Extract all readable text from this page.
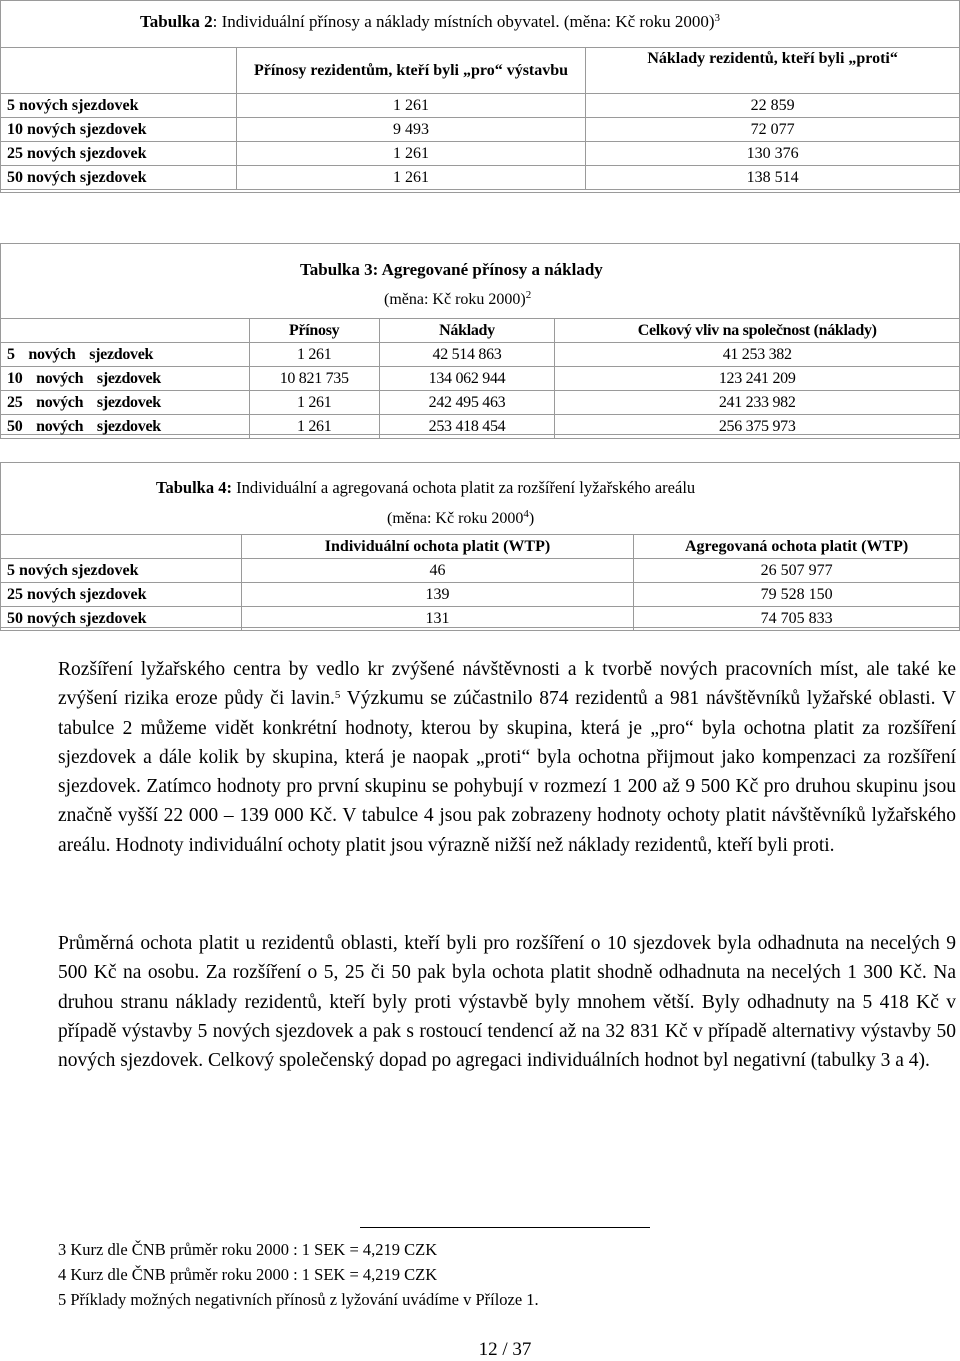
Tabulka 2: Individuální přínosy a náklady místních obyvatel. (měna: Kč roku 2000)$^3$
	Přínosy rezidentům, kteří byli „pro“ výstavbu	Náklady rezidentů, kteří byli „proti“
5 nových sjezdovek	1 261	22 859
10 nových sjezdovek	9 493	72 077
25 nových sjezdovek	1 261	130 376
50 nových sjezdovek	1 261	138 514
Tabulka 3: Agregované přínosy a náklady
(měna: Kč roku 2000)$^2$
	Přínosy	Náklady	Celkový vliv na společnost (náklady)
5 nových sjezdovek	1 261	42 514 863	41 253 382
10 nových sjezdovek	10 821 735	134 062 944	123 241 209
25 nových sjezdovek	1 261	242 495 463	241 233 982
50 nových sjezdovek	1 261	253 418 454	256 375 973
Tabulka 4: Individuální a agregovaná ochota platit za rozšíření lyžařského areálu
(měna: Kč roku 2000$^4$)
	Individuální ochota platit (WTP)	Agregovaná ochota platit (WTP)
5 nových sjezdovek	46	26 507 977
25 nových sjezdovek	139	79 528 150
50 nových sjezdovek	131	74 705 833
Rozšíření lyžařského centra by vedlo kr zvýšené návštěvnosti a k tvorbě nových pracovních míst, ale také ke zvýšení rizika eroze půdy či lavin.$^5$ Výzkumu se zúčastnilo 874 rezidentů a 981 návštěvníků lyžařské oblasti. V tabulce 2 můžeme vidět konkrétní hodnoty, kterou by skupina, která je „pro“ byla ochotna platit za rozšíření sjezdovek a dále kolik by skupina, která je naopak „proti“ byla ochotna přijmout jako kompenzaci za rozšíření sjezdovek. Zatímco hodnoty pro první skupinu se pohybují v rozmezí 1 200 až 9 500 Kč pro druhou skupinu jsou značně vyšší 22 000 – 139 000 Kč. V tabulce 4 jsou pak zobrazeny hodnoty ochoty platit návštěvníků lyžařského areálu. Hodnoty individuální ochoty platit jsou výrazně nižší než náklady rezidentů, kteří byli proti.
Průměrná ochota platit u rezidentů oblasti, kteří byli pro rozšíření o 10 sjezdovek byla odhadnuta na necelých 9 500 Kč na osobu. Za rozšíření o 5, 25 či 50 pak byla ochota platit shodně odhadnuta na necelých 1 300 Kč. Na druhou stranu náklady rezidentů, kteří byly proti výstavbě byly mnohem větší. Byly odhadnuty na 5 418 Kč v případě výstavby 5 nových sjezdovek a pak s rostoucí tendencí až na 32 831 Kč v případě alternativy výstavby 50 nových sjezdovek. Celkový společenský dopad po agregaci individuálních hodnot byl negativní (tabulky 3 a 4).
3 Kurz dle ČNB průměr roku 2000 : 1 SEK = 4,219 CZK
4 Kurz dle ČNB průměr roku 2000 : 1 SEK = 4,219 CZK
5 Příklady možných negativních přínosů z lyžování uvádíme v Příloze 1.
12 / 37
